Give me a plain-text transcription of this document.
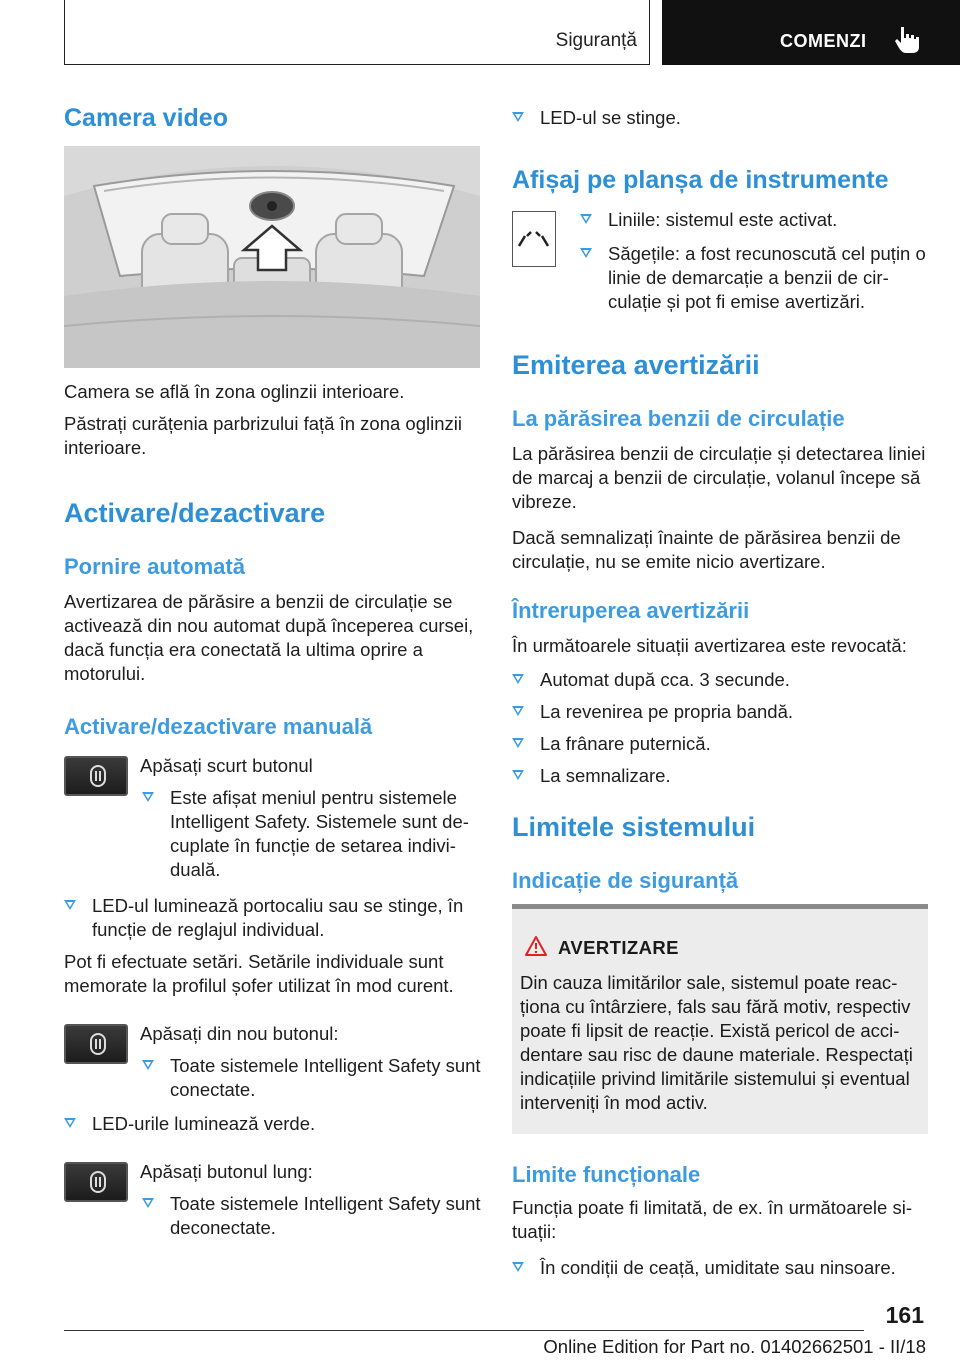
Siguranță	COMENZI
Camera video
Camera se află în zona oglinzii interioare.
Păstrați curățenia parbrizului față în zona oglinzii interioare.
Activare/dezactivare
Pornire automată
Avertizarea de părăsire a benzii de circulație se activează din nou automat după începerea cursei, dacă funcția era conectată la ultima oprire a motorului.
Activare/dezactivare manuală
Apăsați scurt butonul
Este afișat meniul pentru sistemele Intelligent Safety. Sistemele sunt decuplate în funcție de setarea individuală.
LED-ul luminează portocaliu sau se stinge, în funcție de reglajul individual.
Pot fi efectuate setări. Setările individuale sunt memorate la profilul șofer utilizat în mod curent.
Apăsați din nou butonul:
Toate sistemele Intelligent Safety sunt conectate.
LED-urile luminează verde.
Apăsați butonul lung:
Toate sistemele Intelligent Safety sunt deconectate.
LED-ul se stinge.
Afișaj pe planșa de instrumente
Liniile: sistemul este activat.
Săgețile: a fost recunoscută cel puțin o linie de demarcație a benzii de circulație și pot fi emise avertizări.
Emiterea avertizării
La părăsirea benzii de circulație
La părăsirea benzii de circulație și detectarea liniei de marcaj a benzii de circulație, volanul începe să vibreze.
Dacă semnalizați înainte de părăsirea benzii de circulație, nu se emite nicio avertizare.
Întreruperea avertizării
În următoarele situații avertizarea este revocată:
Automat după cca. 3 secunde.
La revenirea pe propria bandă.
La frânare puternică.
La semnalizare.
Limitele sistemului
Indicație de siguranță
AVERTIZARE
Din cauza limitărilor sale, sistemul poate reacționa cu întârziere, fals sau fără motiv, respectiv poate fi lipsit de reacție. Există pericol de accidentare sau risc de daune materiale. Respectați indicațiile privind limitările sistemului și eventual interveniți în mod activ.
Limite funcționale
Funcția poate fi limitată, de ex. în următoarele situații:
În condiții de ceață, umiditate sau ninsoare.
161
Online Edition for Part no. 01402662501 - II/18
